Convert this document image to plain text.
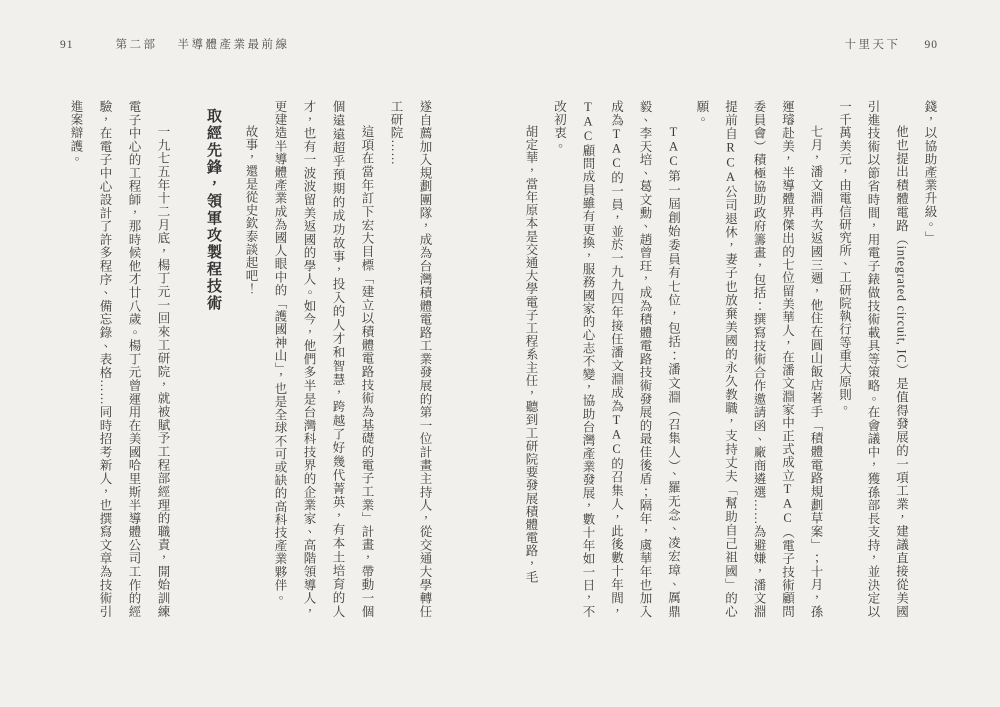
91	第二部 半導體產業最前線	十里天下 90

錢，以協助產業升級。」

他也提出積體電路（integrated circuit, IC）是值得發展的一項工業，建議直接從美國引進技術以節省時間，用電子錶做技術載具等策略。在會議中，獲孫部長支持，並決定以一千萬美元，由電信研究所、工研院執行等重大原則。

七月，潘文淵再次返國三週，他住在圓山飯店著手「積體電路規劃草案」；十月，孫運璿赴美，半導體界傑出的七位留美華人，在潘文淵家中正式成立TAC（電子技術顧問委員會）積極協助政府籌畫，包括：撰寫技術合作邀請函、廠商遴選……為避嫌，潘文淵提前自RCA公司退休，妻子也放棄美國的永久教職，支持丈夫「幫助自己祖國」的心願。

TAC第一屆創始委員有七位，包括：潘文淵（召集人）、羅无念、凌宏璋、厲鼎毅、李天培、葛文勳、趙曾玨，成為積體電路技術發展的最佳後盾；隔年，虞華年也加入成為TAC的一員，並於一九九四年接任潘文淵成為TAC的召集人，此後數十年間，TAC顧問成員雖有更換，服務國家的心志不變，協助台灣產業發展，數十年如一日，不改初衷。

胡定華，當年原本是交通大學電子工程系主任，聽到工研院要發展積體電路，毛

遂自薦加入規劃團隊，成為台灣積體電路工業發展的第一位計畫主持人，從交通大學轉任工研院……

這項在當年訂下宏大目標「建立以積體電路技術為基礎的電子工業」計畫，帶動一個個遠遠超乎預期的成功故事，投入的人才和智慧，跨越了好幾代菁英，有本土培育的人才，也有一波波留美返國的學人。如今，他們多半是台灣科技界的企業家、高階領導人，更建造半導體產業成為國人眼中的「護國神山」，也是全球不可或缺的高科技產業夥伴。

故事，還是從史欽泰談起吧！

取經先鋒，領軍攻製程技術

一九七五年十二月底，楊丁元一回來工研院，就被賦予工程部經理的職責，開始訓練電子中心的工程師，那時候他才廿八歲。楊丁元曾運用在美國哈里斯半導體公司工作的經驗，在電子中心設計了許多程序、備忘錄、表格……同時招考新人，也撰寫文章為技術引進案辯護。
